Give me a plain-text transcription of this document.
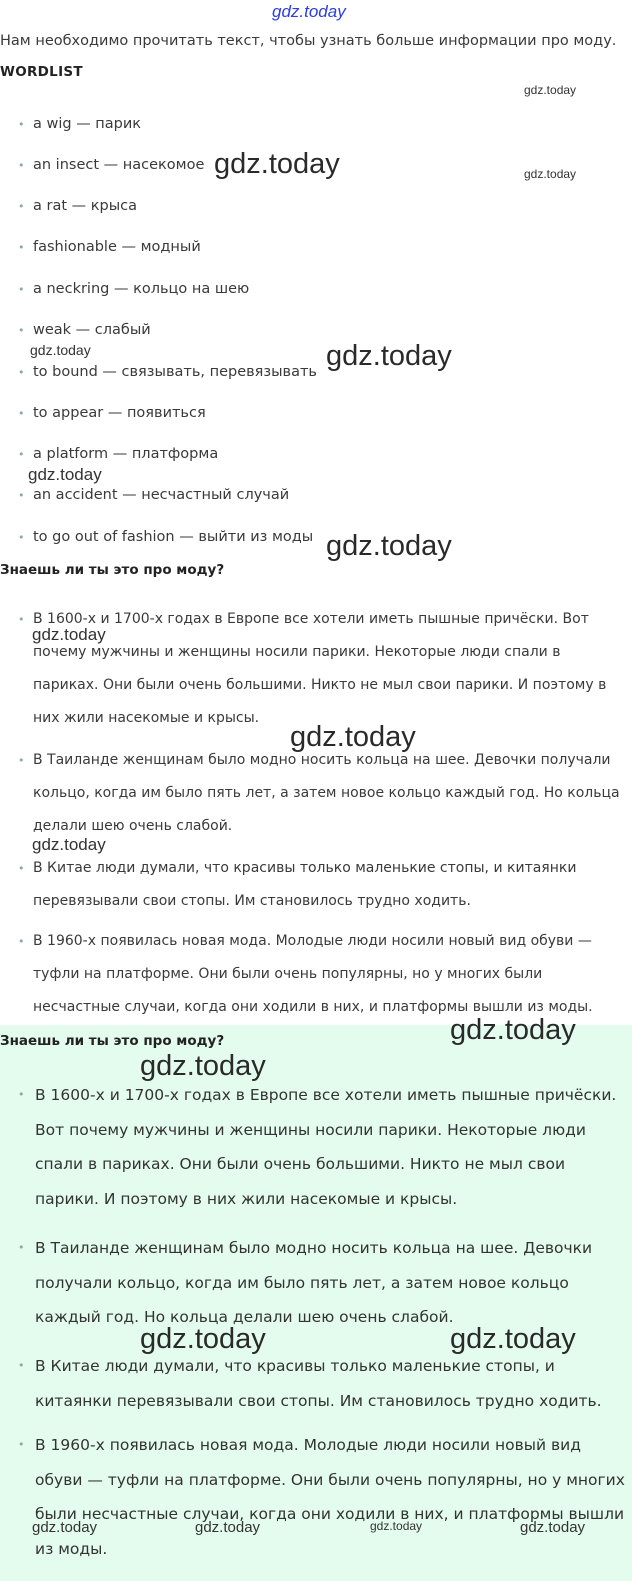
gdz.today
Нам необходимо прочитать текст, чтобы узнать больше информации про моду.
WORDLIST
• a wig — парик
• an insect — насекомое
• a rat — крыса
• fashionable — модный
• a neckring — кольцо на шею
• weak — слабый
• to bound — связывать, перевязывать
• to appear — появиться
• a platform — платформа
• an accident — несчастный случай
• to go out of fashion — выйти из моды
Знаешь ли ты это про моду?
• В 1600-х и 1700-х годах в Европе все хотели иметь пышные причёски. Вот почему мужчины и женщины носили парики. Некоторые люди спали в париках. Они были очень большими. Никто не мыл свои парики. И поэтому в них жили насекомые и крысы.
• В Таиланде женщинам было модно носить кольца на шее. Девочки получали кольцо, когда им было пять лет, а затем новое кольцо каждый год. Но кольца делали шею очень слабой.
• В Китае люди думали, что красивы только маленькие стопы, и китаянки перевязывали свои стопы. Им становилось трудно ходить.
• В 1960-х появилась новая мода. Молодые люди носили новый вид обуви — туфли на платформе. Они были очень популярны, но у многих были несчастные случаи, когда они ходили в них, и платформы вышли из моды.
Знаешь ли ты это про моду?
• В 1600-х и 1700-х годах в Европе все хотели иметь пышные причёски. Вот почему мужчины и женщины носили парики. Некоторые люди спали в париках. Они были очень большими. Никто не мыл свои парики. И поэтому в них жили насекомые и крысы.
• В Таиланде женщинам было модно носить кольца на шее. Девочки получали кольцо, когда им было пять лет, а затем новое кольцо каждый год. Но кольца делали шею очень слабой.
• В Китае люди думали, что красивы только маленькие стопы, и китаянки перевязывали свои стопы. Им становилось трудно ходить.
• В 1960-х появилась новая мода. Молодые люди носили новый вид обуви — туфли на платформе. Они были очень популярны, но у многих были несчастные случаи, когда они ходили в них, и платформы вышли из моды.
gdz.today
gdz.today	gdz.today
gdz.today	gdz.today
gdz.today
gdz.today
gdz.today
gdz.today
gdz.today
gdz.today
gdz.today
gdz.today	gdz.today
gdz.today	gdz.today	gdz.today	gdz.today
